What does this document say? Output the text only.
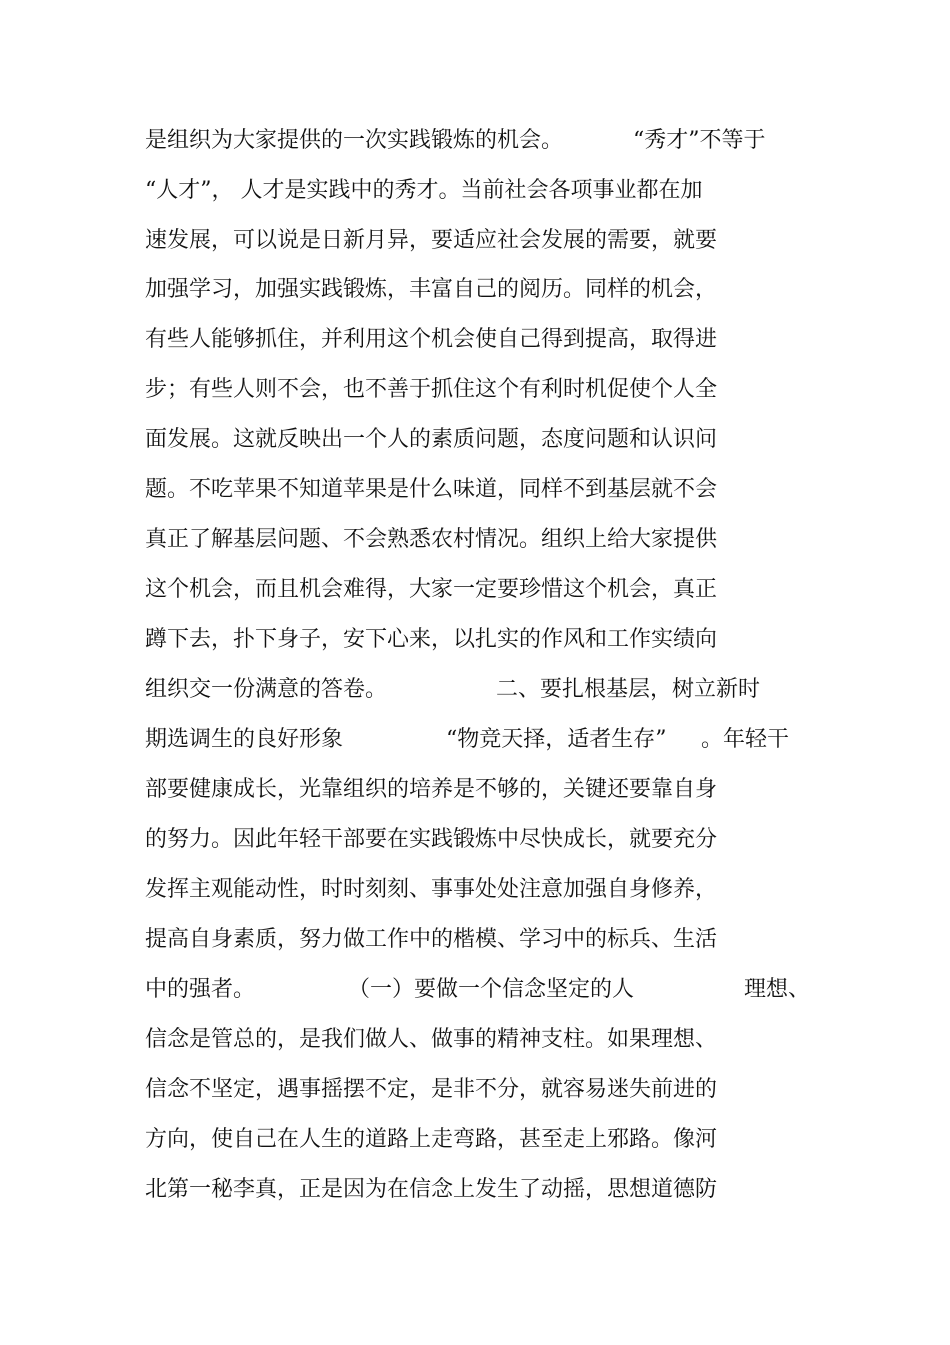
是组织为大家提供的一次实践锻炼的机会。	“秀才”不等于
“人才”， 人才是实践中的秀才。当前社会各项事业都在加
速发展，可以说是日新月异，要适应社会发展的需要，就要
加强学习，加强实践锻炼，丰富自己的阅历。同样的机会，
有些人能够抓住，并利用这个机会使自己得到提高，取得进
步；有些人则不会，也不善于抓住这个有利时机促使个人全
面发展。这就反映出一个人的素质问题，态度问题和认识问
题。不吃苹果不知道苹果是什么味道，同样不到基层就不会
真正了解基层问题、不会熟悉农村情况。组织上给大家提供
这个机会，而且机会难得，大家一定要珍惜这个机会，真正
蹲下去，扑下身子，安下心来，以扎实的作风和工作实绩向
组织交一份满意的答卷。	二、要扎根基层，树立新时
期选调生的良好形象	“物竞天择，适者生存” 。年轻干
部要健康成长，光靠组织的培养是不够的，关键还要靠自身
的努力。因此年轻干部要在实践锻炼中尽快成长，就要充分
发挥主观能动性，时时刻刻、事事处处注意加强自身修养，
提高自身素质，努力做工作中的楷模、学习中的标兵、生活
中的强者。	（一）要做一个信念坚定的人	理想、
信念是管总的，是我们做人、做事的精神支柱。如果理想、
信念不坚定，遇事摇摆不定，是非不分，就容易迷失前进的
方向，使自己在人生的道路上走弯路，甚至走上邪路。像河
北第一秘李真，正是因为在信念上发生了动摇，思想道德防
